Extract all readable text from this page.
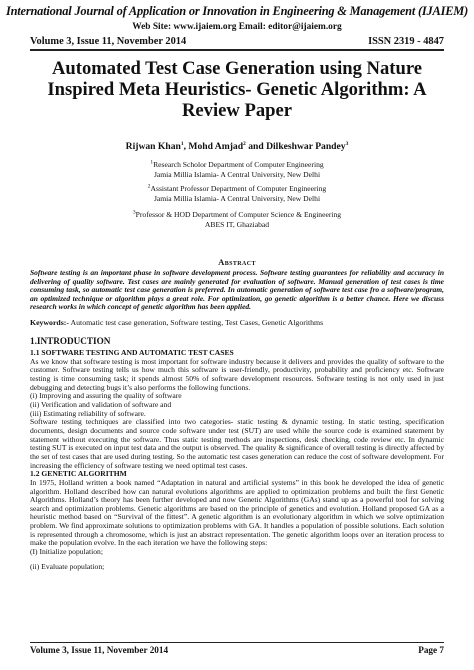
International Journal of Application or Innovation in Engineering & Management (IJAIEM)
Web Site: www.ijaiem.org Email: editor@ijaiem.org
Volume 3, Issue 11, November 2014	ISSN 2319 - 4847
Automated Test Case Generation using Nature
Inspired Meta Heuristics- Genetic Algorithm: A
Review Paper
Rijwan Khan$^1$, Mohd Amjad$^2$ and Dilkeshwar Pandey$^3$
$^1$Research Scholor Department of Computer Engineering
Jamia Millia Islamia- A Central University, New Delhi
$^2$Assistant Professor Department of Computer Engineering
Jamia Millia Islamia- A Central University, New Delhi
$^3$Professor & HOD Department of Computer Science & Engineering
ABES IT, Ghaziabad
Abstract
Software testing is an important phase in software development process. Software testing guarantees for reliability and accuracy in delivering of quality software. Test cases are mainly generated for evaluation of software. Manual generation of test cases is time consuming task, so automatic test case generation is preferred. In automatic generation of software test case fro a software/program, an optimized technique or algorithm plays a great role. For optimization, go genetic algorithm is a better chance. Here we discuss research works in which concept of genetic algorithm has been applied.
Keywords:- Automatic test case generation, Software testing, Test Cases, Genetic Algorithms
1.INTRODUCTION
1.1 SOFTWARE TESTING AND AUTOMATIC TEST CASES
As we know that software testing is most important for software industry because it delivers and provides the quality of software to the customer. Software testing tells us how much this software is user-friendly, productivity, probability and proficiency etc. Software testing is time consuming task; it spends almost 50% of software development resources. Software testing is not only used in just debugging and detecting bugs it’s also performs the following functions.
(i) Improving and assuring the quality of software
(ii) Verification and validation of software and
(iii) Estimating reliability of software.
Software testing techniques are classified into two categories- static testing & dynamic testing. In static testing, specification documents, design documents and source code software under test (SUT) are used while the source code is examined statement by statement without executing the software. Thus static testing methods are inspections, desk checking, code review etc. In dynamic testing SUT is executed on input test data and the output is observed. The quality & significance of overall testing is directly affected by the set of test cases that are used during testing. So the automatic test cases generation can reduce the cost of software development. For increasing the efficiency of software testing we need optimal test cases.
1.2 GENETIC ALGORITHM
In 1975, Holland written a book named “Adaptation in natural and artificial systems” in this book he developed the idea of genetic algorithm. Holland described how can natural evolutions algorithms are applied to optimization problems and built the first Genetic Algorithms. Holland’s theory has been further developed and now Genetic Algorithms (GAs) stand up as a powerful tool for solving search and optimization problems. Genetic algorithms are based on the principle of genetics and evolution. Holland proposed GA as a heuristic method based on “Survival of the fittest”. A genetic algorithm is an evolutionary algorithm in which we solve optimization problem. We find approximate solutions to optimization problems with GA. It handles a population of possible solutions. Each solution is represented through a chromosome, which is just an abstract representation. The genetic algorithm loops over an iteration process to make the population evolve. In the each iteration we have the following steps:
(I) Initialize population;
(ii) Evaluate population;
Volume 3, Issue 11, November 2014	Page 7
